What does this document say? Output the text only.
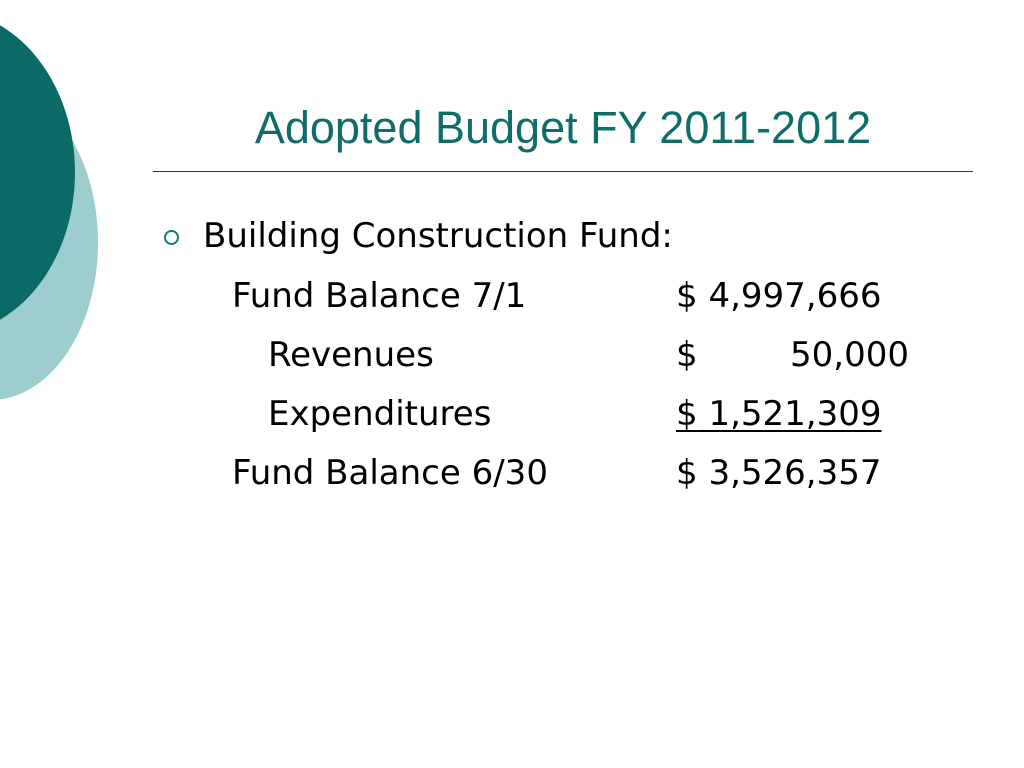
Adopted Budget FY 2011-2012
Building Construction Fund:
Fund Balance 7/1	$ 4,997,666
Revenues	$	50,000
Expenditures	$ 1,521,309
Fund Balance 6/30	$ 3,526,357
